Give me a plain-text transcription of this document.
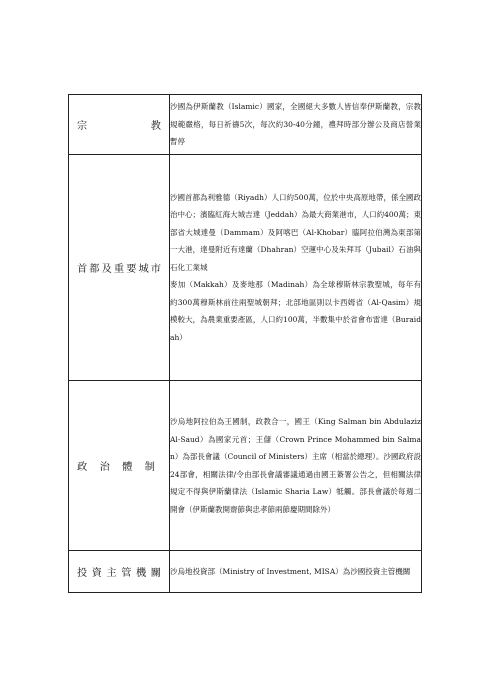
宗　　　　　教	沙國為伊斯蘭教（Islamic）國家，全國絕大多數人皆信奉伊斯蘭教，宗教規範嚴格，每日祈禱5次，每次約30-40分鐘，禮拜時部分辦公及商店營業暫停

首都及重要城市	沙國首都為利雅德（Riyadh）人口約500萬，位於中央高原地帶，係全國政治中心；濱臨紅海大城吉達（Jeddah）為最大商業港市，人口約400萬；東部省大城達曼（Dammam）及阿喀巴（Al-Khobar）臨阿拉伯灣為東部第一大港，達曼附近有達蘭（Dhahran）空運中心及朱拜耳（Jubail）石油與石化工業城

麥加（Makkah）及麥地那（Madinah）為全球穆斯林宗教聖城，每年有約300萬穆斯林前往兩聖城朝拜；北部地區則以卡西姆省（Al-Qasim）規模較大，為農業重要產區，人口約100萬，半數集中於省會布雷達（Buraidah）

政　治　體　制	沙烏地阿拉伯為王國制，政教合一，國王（King Salman bin Abdulaziz Al-Saud）為國家元首；王儲（Crown Prince Mohammed bin Salman）為部長會議（Council of Ministers）主席（相當於總理）。沙國政府設24部會，相關法律/令由部長會議審議通過由國王簽署公告之，但相關法律規定不得與伊斯蘭律法（Islamic Sharia Law）牴觸。部長會議於每週二開會（伊斯蘭教開齋節與忠孝節兩節慶期間除外）

投資主管機關	沙烏地投資部（Ministry of Investment, MISA）為沙國投資主管機關
